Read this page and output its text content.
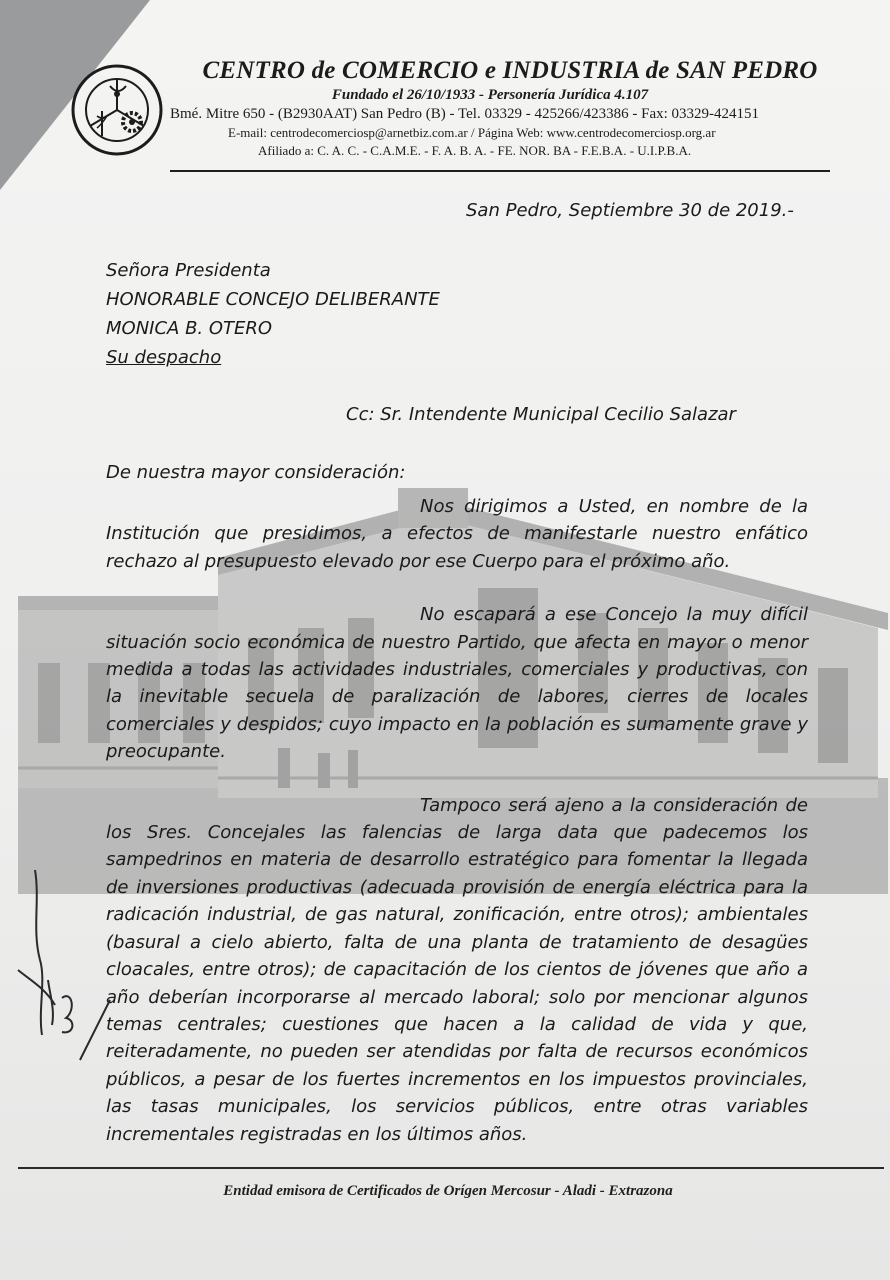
CENTRO de COMERCIO e INDUSTRIA de SAN PEDRO
Fundado el 26/10/1933 - Personería Jurídica 4.107
Bmé. Mitre 650 - (B2930AAT) San Pedro (B) - Tel. 03329 - 425266/423386 - Fax: 03329-424151
E-mail: centrodecomerciosp@arnetbiz.com.ar / Página Web: www.centrodecomerciosp.org.ar
Afiliado a: C. A. C. - C.A.M.E. - F. A. B. A. - FE. NOR. BA - F.E.B.A. - U.I.P.B.A.
San Pedro, Septiembre 30 de 2019.-
Señora Presidenta
HONORABLE CONCEJO DELIBERANTE
MONICA B. OTERO
Su despacho
Cc: Sr. Intendente Municipal Cecilio Salazar
De nuestra mayor consideración:

Nos dirigimos a Usted, en nombre de la Institución que presidimos, a efectos de manifestarle nuestro enfático rechazo al presupuesto elevado por ese Cuerpo para el próximo año.

No escapará a ese Concejo la muy difícil situación socio económica de nuestro Partido, que afecta en mayor o menor medida a todas las actividades industriales, comerciales y productivas, con la inevitable secuela de paralización de labores, cierres de locales comerciales y despidos; cuyo impacto en la población es sumamente grave y preocupante.

Tampoco será ajeno a la consideración de los Sres. Concejales las falencias de larga data que padecemos los sampedrinos en materia de desarrollo estratégico para fomentar la llegada de inversiones productivas (adecuada provisión de energía eléctrica para la radicación industrial, de gas natural, zonificación, entre otros); ambientales (basural a cielo abierto, falta de una planta de tratamiento de desagües cloacales, entre otros); de capacitación de los cientos de jóvenes que año a año deberían incorporarse al mercado laboral; solo por mencionar algunos temas centrales; cuestiones que hacen a la calidad de vida y que, reiteradamente, no pueden ser atendidas por falta de recursos económicos públicos, a pesar de los fuertes incrementos en los impuestos provinciales, las tasas municipales, los servicios públicos, entre otras variables incrementales registradas en los últimos años.

Entidad emisora de Certificados de Orígen Mercosur - Aladi - Extrazona
